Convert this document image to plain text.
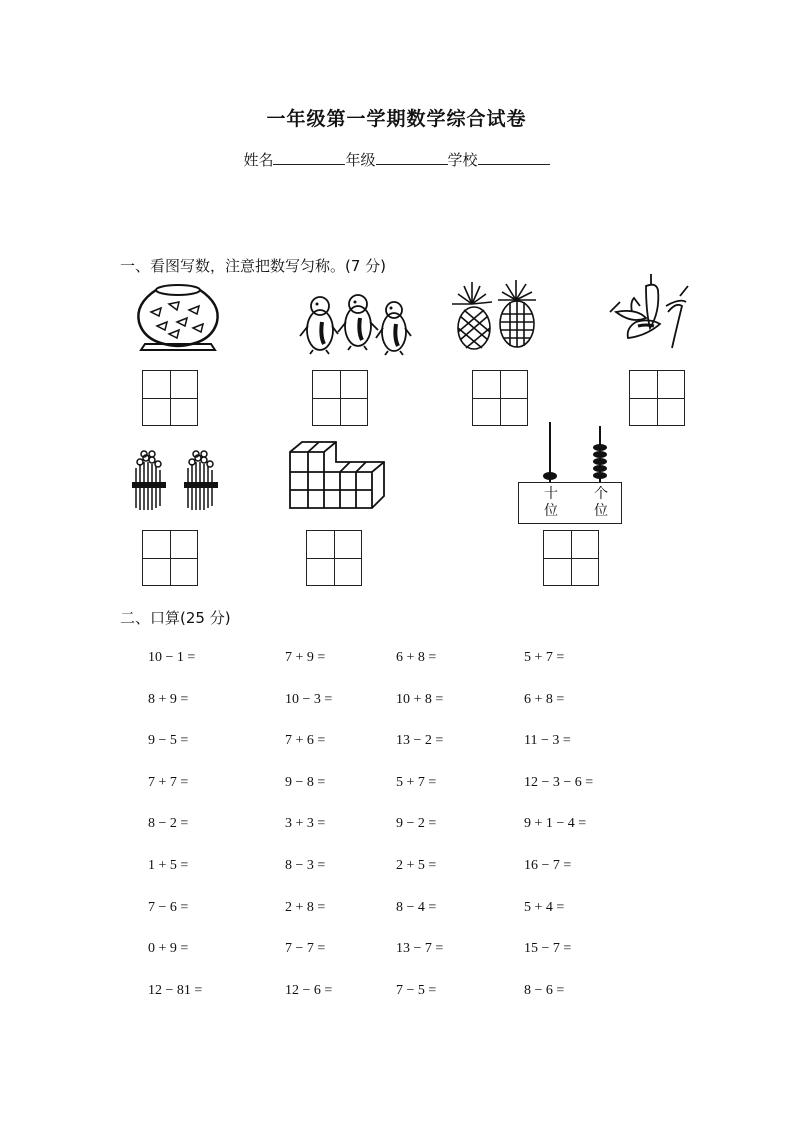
一年级第一学期数学综合试卷
姓名	年级	学校
一、看图写数，注意把数写匀称。(7 分)
十
位
个
位
二、口算(25 分)
10 − 1 =	7 + 9 =	6 + 8 =	5 + 7 =
8 + 9 =	10 − 3 =	10 + 8 =	6 + 8 =
9 − 5 =	7 + 6 =	13 − 2 =	11 − 3 =
7 + 7 =	9 − 8 =	5 + 7 =	12 − 3 − 6 =
8 − 2 =	3 + 3 =	9 − 2 =	9 + 1 − 4 =
1 + 5 =	8 − 3 =	2 + 5 =	16 − 7 =
7 − 6 =	2 + 8 =	8 − 4 =	5 + 4 =
0 + 9 =	7 − 7 =	13 − 7 =	15 − 7 =
12 − 81 =	12 − 6 =	7 − 5 =	8 − 6 =
